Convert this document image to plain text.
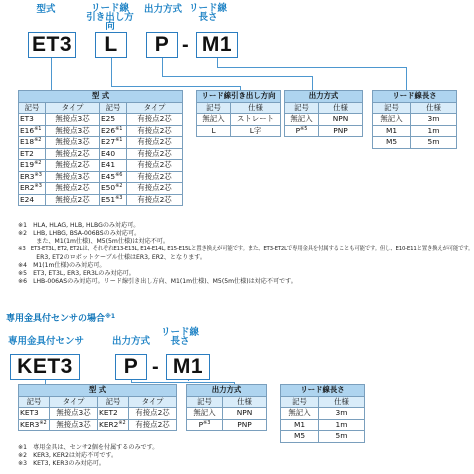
型式	リード線
引き出し方向
出力方式 リード線
長さ
ET3	L	P - M1
型 式			
記号	タイプ	記号	タイプ
ET3	無接点3芯	E25	有接点2芯
E16$^{※1}$	無接点3芯	E26$^{※1}$	有接点2芯
E18$^{※2}$	無接点3芯	E27$^{※1}$	有接点2芯
ET2	無接点2芯	E40	有接点2芯
E19$^{※2}$	無接点2芯	E41	有接点2芯
ER3$^{※3}$	無接点3芯	E45$^{※6}$	有接点2芯
ER2$^{※3}$	無接点2芯	E50$^{※2}$	有接点2芯
E24	無接点2芯	E51$^{※3}$	有接点2芯
リード線引き出し方向	
記号	仕様
無記入	ストレート
L	L字
出力方式	
記号	仕様
無記入	NPN
$P^{※5}$	PNP
リード線長さ	
記号	仕様
無記入	3m
M1	1m
M5	5m
※1　HLA, HLAG, HLB, HLBGのみ対応可。
※2　LHB, LHBG, BSA-006BSのみ対応可。
　　　また、M1(1m仕様)、M5(5m仕様)は対応不可。
※3　ET3-ET3L, ET2, ET2Lは、それぞれE13-E13L, E14-E14L, E15-E15Lと置き換えが可能です。また、ET3-ET2Lで専用金具を付属することも可能です。但し、E10-E11と置き換えが可能です。
　　　ER3, ET2のロボットケーブル仕様はER3, ER2、となります。
※4　M1(1m仕様)のみ対応可。
※5　ET3, ET3L, ER3, ER3Lのみ対応可。
※6　LHB-006ASのみ対応可。リード線引き出し方向、M1(1m仕様)、M5(5m仕様)は対応不可です。
専用金具付センサの場合$^{※1}$
専用金具付センサ	出力方式
リード線
長さ
KET3	P - M1
型 式			
記号	タイプ	記号	タイプ
KET3	無接点3芯	KET2	有接点2芯
KER3$^{※2}$	無接点3芯	KER2$^{※2}$	有接点2芯
出力方式	
記号	仕様
無記入	NPN
$P^{※3}$	PNP
リード線長さ	
記号	仕様
無記入	3m
M1	1m
M5	5m
※1　専用金具は、センサ2個を付属するのみです。
※2　KER3, KER2は対応不可です。
※3　KET3, KER3のみ対応可。
